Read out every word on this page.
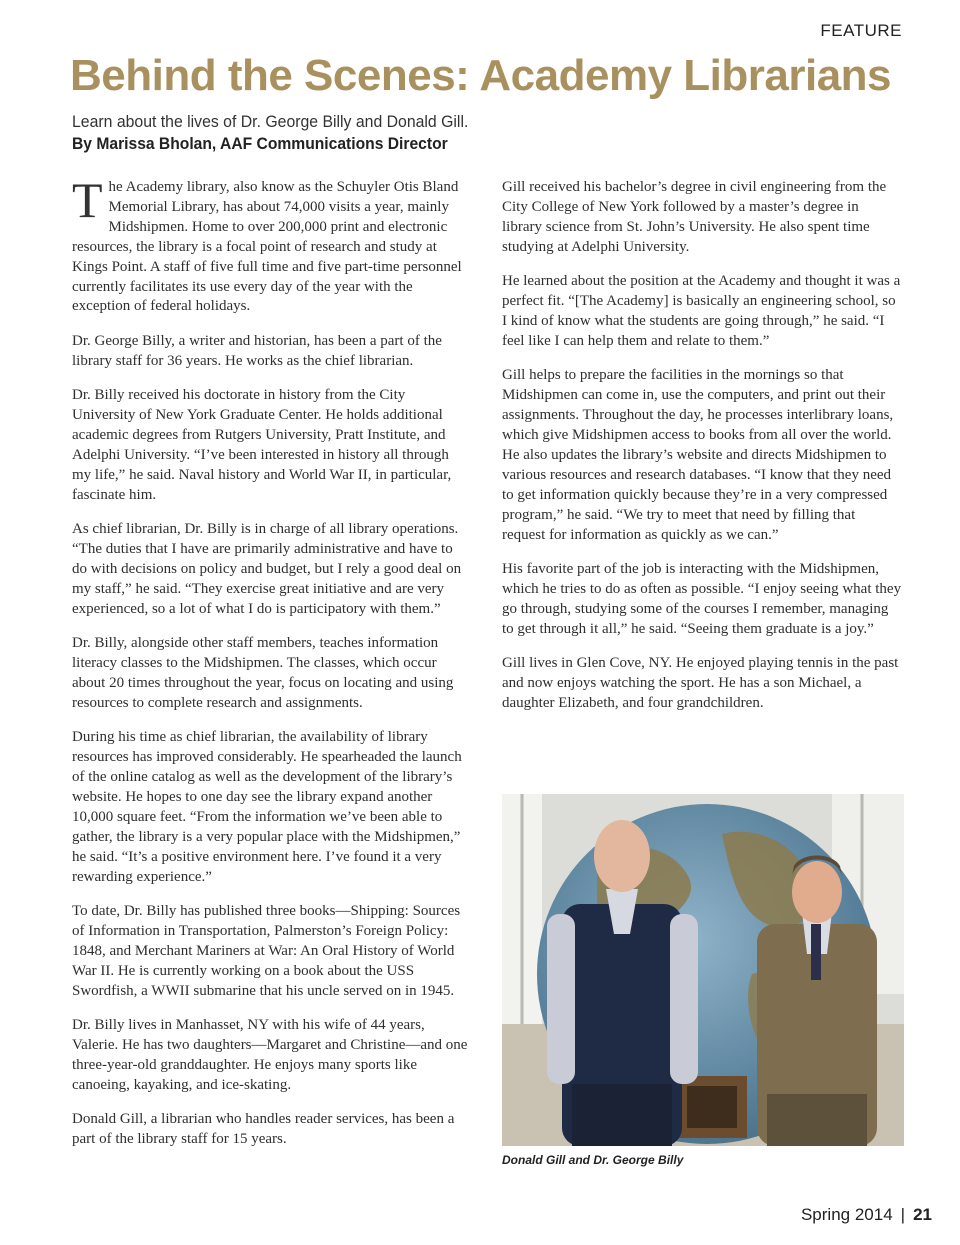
FEATURE
Behind the Scenes: Academy Librarians
Learn about the lives of Dr. George Billy and Donald Gill.
By Marissa Bholan, AAF Communications Director

The Academy library, also know as the Schuyler Otis Bland Memorial Library, has about 74,000 visits a year, mainly Midshipmen. Home to over 200,000 print and electronic resources, the library is a focal point of research and study at Kings Point. A staff of five full time and five part-time personnel currently facilitates its use every day of the year with the exception of federal holidays.

Dr. George Billy, a writer and historian, has been a part of the library staff for 36 years. He works as the chief librarian.

Dr. Billy received his doctorate in history from the City University of New York Graduate Center. He holds additional academic degrees from Rutgers University, Pratt Institute, and Adelphi University. “I’ve been interested in history all through my life,” he said. Naval history and World War II, in particular, fascinate him.

As chief librarian, Dr. Billy is in charge of all library operations. “The duties that I have are primarily administrative and have to do with decisions on policy and budget, but I rely a good deal on my staff,” he said. “They exercise great initiative and are very experienced, so a lot of what I do is participatory with them.”

Dr. Billy, alongside other staff members, teaches information literacy classes to the Midshipmen. The classes, which occur about 20 times throughout the year, focus on locating and using resources to complete research and assignments.

During his time as chief librarian, the availability of library resources has improved considerably. He spearheaded the launch of the online catalog as well as the development of the library’s website. He hopes to one day see the library expand another 10,000 square feet. “From the information we’ve been able to gather, the library is a very popular place with the Midshipmen,” he said. “It’s a positive environment here. I’ve found it a very rewarding experience.”

To date, Dr. Billy has published three books—Shipping: Sources of Information in Transportation, Palmerston’s Foreign Policy: 1848, and Merchant Mariners at War: An Oral History of World War II. He is currently working on a book about the USS Swordfish, a WWII submarine that his uncle served on in 1945.

Dr. Billy lives in Manhasset, NY with his wife of 44 years, Valerie. He has two daughters—Margaret and Christine—and one three-year-old granddaughter. He enjoys many sports like canoeing, kayaking, and ice-skating.

Donald Gill, a librarian who handles reader services, has been a part of the library staff for 15 years.

Gill received his bachelor’s degree in civil engineering from the City College of New York followed by a master’s degree in library science from St. John’s University. He also spent time studying at Adelphi University.

He learned about the position at the Academy and thought it was a perfect fit. “[The Academy] is basically an engineering school, so I kind of know what the students are going through,” he said. “I feel like I can help them and relate to them.”

Gill helps to prepare the facilities in the mornings so that Midshipmen can come in, use the computers, and print out their assignments. Throughout the day, he processes interlibrary loans, which give Midshipmen access to books from all over the world. He also updates the library’s website and directs Midshipmen to various resources and research databases. “I know that they need to get information quickly because they’re in a very compressed program,” he said. “We try to meet that need by filling that request for information as quickly as we can.”

His favorite part of the job is interacting with the Midshipmen, which he tries to do as often as possible. “I enjoy seeing what they go through, studying some of the courses I remember, managing to get through it all,” he said. “Seeing them graduate is a joy.”

Gill lives in Glen Cove, NY. He enjoyed playing tennis in the past and now enjoys watching the sport. He has a son Michael, a daughter Elizabeth, and four grandchildren.

Donald Gill and Dr. George Billy
Spring 2014 | 21
